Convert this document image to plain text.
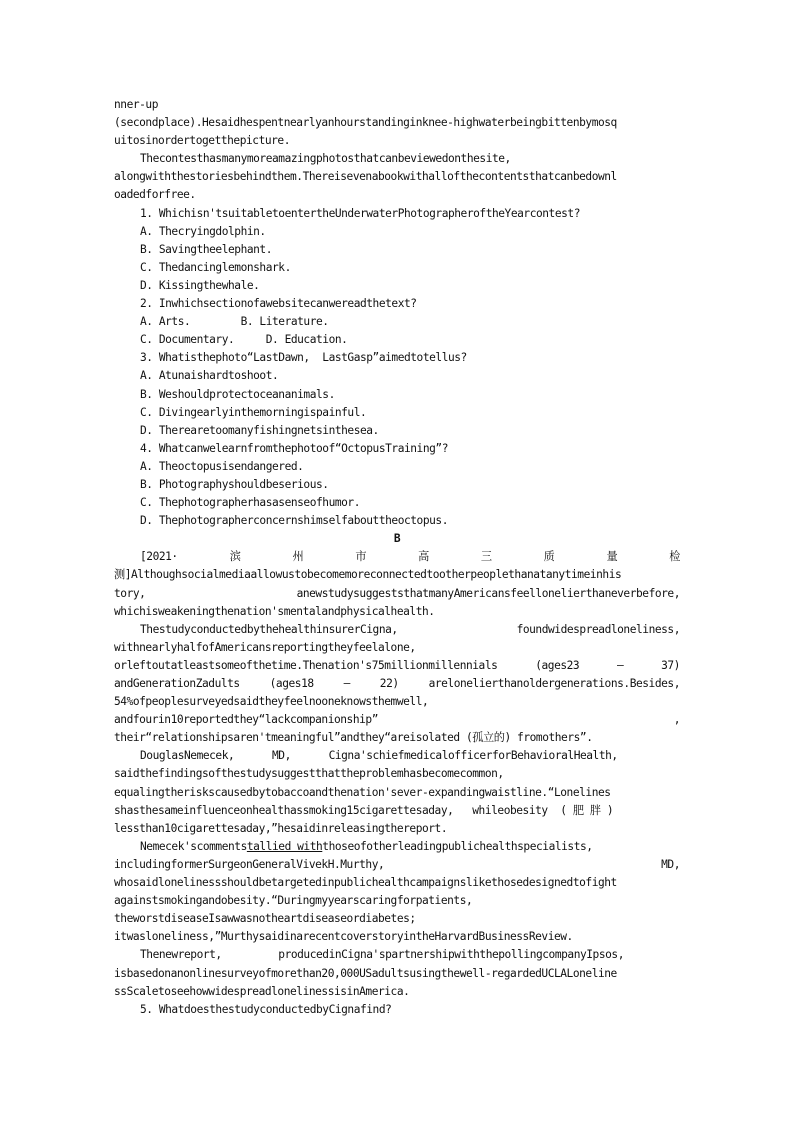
nner-up
(secondplace).Hesaidhespentnearlyanhourstandinginknee-highwaterbeingbittenbymosq
uitosinordertogetthepicture.
Thecontesthasmanymoreamazingphotosthatcanbeviewedonthesite,
alongwiththestoriesbehindthem.Thereisevenabookwithallofthecontentsthatcanbedownl
oadedforfree.
1. Whichisn'tsuitabletoentertheUnderwaterPhotographeroftheYearcontest?
A. Thecryingdolphin.
B. Savingtheelephant.
C. Thedancinglemonshark.
D. Kissingthewhale.
2. Inwhichsectionofawebsitecanwereadthetext?
A. Arts.        B. Literature.
C. Documentary.     D. Education.
3. Whatisthephoto“LastDawn,  LastGasp”aimedtotellus?
A. Atunaishardtoshoot.
B. Weshouldprotectoceananimals.
C. Divingearlyinthemorningispainful.
D. Therearetoomanyfishingnetsinthesea.
4. Whatcanwelearnfromthephotoof“OctopusTraining”?
A. Theoctopusisendangered.
B. Photographyshouldbeserious.
C. Thephotographerhasasenseofhumor.
D. Thephotographerconcernshimselfabouttheoctopus.
B
[2021·	滨	州	市	高	三	质	量	检
测]Althoughsocialmediaallowustobecomemoreconnectedtootherpeoplethanatanytimeinhis
tory,	anewstudysuggeststhatmanyAmericansfeellonelierthaneverbefore,
whichisweakeningthenation'smentalandphysicalhealth.
ThestudyconductedbythehealthinsurerCigna,	foundwidespreadloneliness,
withnearlyhalfofAmericansreportingtheyfeelalone,
orleftoutatleastsomeofthetime.Thenation's75millionmillennials	(ages23	—	37)
andGenerationZadults	(ages18	—	22)	arelonelierthanoldergenerations.Besides,
54%ofpeoplesurveyedsaidtheyfeelnooneknowsthemwell,
andfourin10reportedthey“lackcompanionship”	,
their“relationshipsaren'tmeaningful”andthey“areisolated (孤立的) fromothers”.
DouglasNemecek,      MD,      Cigna'schiefmedicalofficerforBehavioralHealth,
saidthefindingsofthestudysuggestthattheproblemhasbecomecommon,
equalingtheriskscausedbytobaccoandthenation'sever-expandingwaistline.“Lonelines
shasthesameinfluenceonhealthassmoking15cigarettesaday,   whileobesity  ( 肥 胖 )
lessthan10cigarettesaday,”hesaidinreleasingthereport.
Nemecek'scommentstallied withthoseofotherleadingpublichealthspecialists,
includingformerSurgeonGeneralVivekH.Murthy,	MD,
whosaidlonelinessshouldbetargetedinpublichealthcampaignslikethosedesignedtofight
againstsmokingandobesity.“Duringmyyearscaringforpatients,
theworstdiseaseIsawwasnotheartdiseaseordiabetes;
itwasloneliness,”MurthysaidinarecentcoverstoryintheHarvardBusinessReview.
Thenewreport,         producedinCigna'spartnershipwiththepollingcompanyIpsos,
isbasedonanonlinesurveyofmorethan20,000USadultsusingthewell-regardedUCLALoneline
ssScaletoseehowwidespreadlonelinessisinAmerica.
5. WhatdoesthestudyconductedbyCignafind?
